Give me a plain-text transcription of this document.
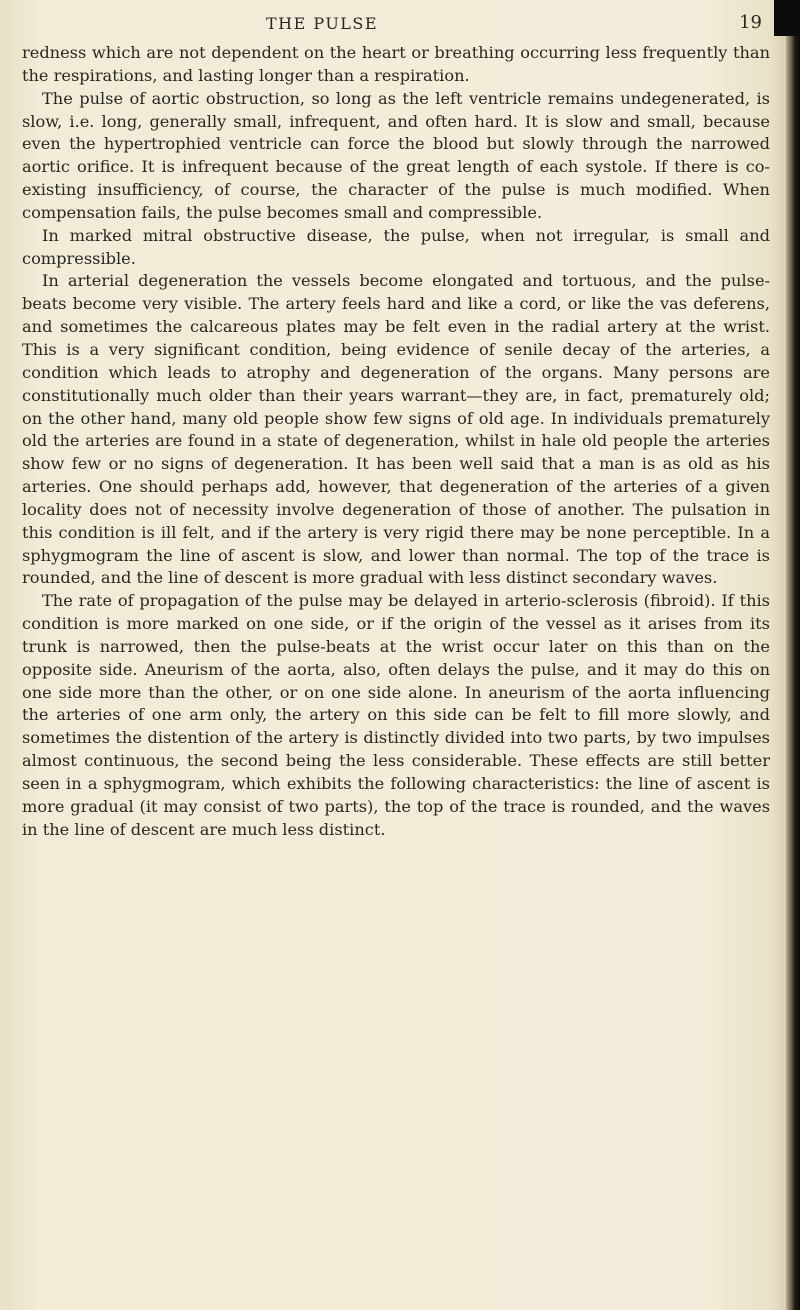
THE PULSE	19

redness which are not dependent on the heart or breathing occurring less frequently than the respirations, and lasting longer than a respiration.

The pulse of aortic obstruction, so long as the left ventricle remains undegenerated, is slow, i.e. long, generally small, infrequent, and often hard. It is slow and small, because even the hypertrophied ventricle can force the blood but slowly through the narrowed aortic orifice. It is infrequent because of the great length of each systole. If there is co-existing insufficiency, of course, the character of the pulse is much modified. When compensation fails, the pulse becomes small and compressible.

In marked mitral obstructive disease, the pulse, when not irregular, is small and compressible.

In arterial degeneration the vessels become elongated and tortuous, and the pulse-beats become very visible. The artery feels hard and like a cord, or like the vas deferens, and sometimes the calcareous plates may be felt even in the radial artery at the wrist. This is a very significant condition, being evidence of senile decay of the arteries, a condition which leads to atrophy and degeneration of the organs. Many persons are constitutionally much older than their years warrant—they are, in fact, prematurely old; on the other hand, many old people show few signs of old age. In individuals prematurely old the arteries are found in a state of degeneration, whilst in hale old people the arteries show few or no signs of degeneration. It has been well said that a man is as old as his arteries. One should perhaps add, however, that degeneration of the arteries of a given locality does not of necessity involve degeneration of those of another. The pulsation in this condition is ill felt, and if the artery is very rigid there may be none perceptible. In a sphygmogram the line of ascent is slow, and lower than normal. The top of the trace is rounded, and the line of descent is more gradual with less distinct secondary waves.

The rate of propagation of the pulse may be delayed in arterio-sclerosis (fibroid). If this condition is more marked on one side, or if the origin of the vessel as it arises from its trunk is narrowed, then the pulse-beats at the wrist occur later on this than on the opposite side. Aneurism of the aorta, also, often delays the pulse, and it may do this on one side more than the other, or on one side alone. In aneurism of the aorta influencing the arteries of one arm only, the artery on this side can be felt to fill more slowly, and sometimes the distention of the artery is distinctly divided into two parts, by two impulses almost continuous, the second being the less considerable. These effects are still better seen in a sphygmogram, which exhibits the following characteristics: the line of ascent is more gradual (it may consist of two parts), the top of the trace is rounded, and the waves in the line of descent are much less distinct.
